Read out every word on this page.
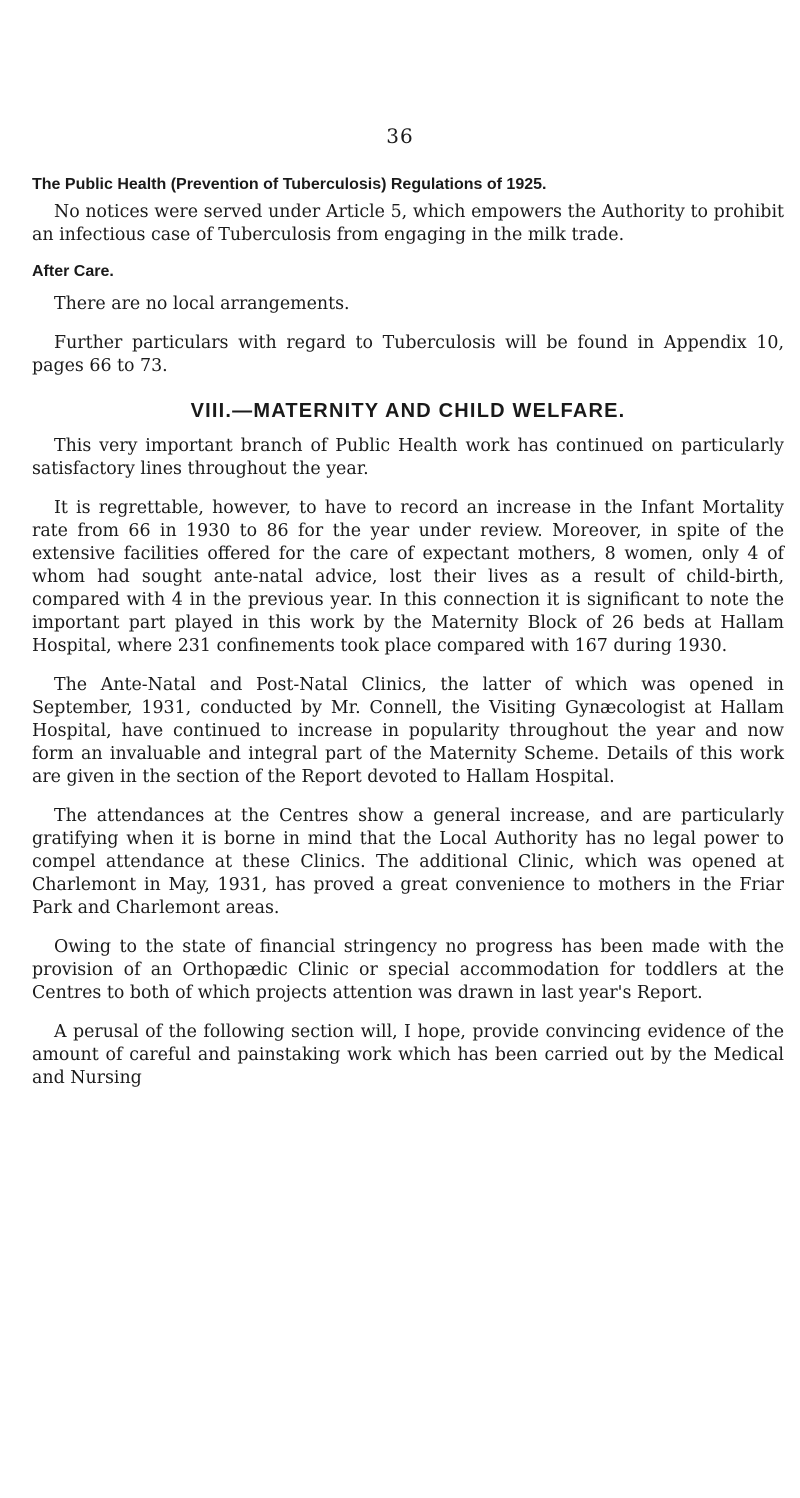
36

The Public Health (Prevention of Tuberculosis) Regulations of 1925.

No notices were served under Article 5, which empowers the Authority to prohibit an infectious case of Tuberculosis from engaging in the milk trade.

After Care.

There are no local arrangements.

Further particulars with regard to Tuberculosis will be found in Appendix 10, pages 66 to 73.

VIII.—MATERNITY AND CHILD WELFARE.

This very important branch of Public Health work has continued on particularly satisfactory lines throughout the year.

It is regrettable, however, to have to record an increase in the Infant Mortality rate from 66 in 1930 to 86 for the year under review. Moreover, in spite of the extensive facilities offered for the care of expectant mothers, 8 women, only 4 of whom had sought ante-natal advice, lost their lives as a result of child-birth, compared with 4 in the previous year. In this connection it is significant to note the important part played in this work by the Maternity Block of 26 beds at Hallam Hospital, where 231 confinements took place compared with 167 during 1930.

The Ante-Natal and Post-Natal Clinics, the latter of which was opened in September, 1931, conducted by Mr. Connell, the Visiting Gynæcologist at Hallam Hospital, have continued to increase in popularity throughout the year and now form an invaluable and integral part of the Maternity Scheme. Details of this work are given in the section of the Report devoted to Hallam Hospital.

The attendances at the Centres show a general increase, and are particularly gratifying when it is borne in mind that the Local Authority has no legal power to compel attendance at these Clinics. The additional Clinic, which was opened at Charlemont in May, 1931, has proved a great convenience to mothers in the Friar Park and Charlemont areas.

Owing to the state of financial stringency no progress has been made with the provision of an Orthopædic Clinic or special accommodation for toddlers at the Centres to both of which projects attention was drawn in last year's Report.

A perusal of the following section will, I hope, provide convincing evidence of the amount of careful and painstaking work which has been carried out by the Medical and Nursing
